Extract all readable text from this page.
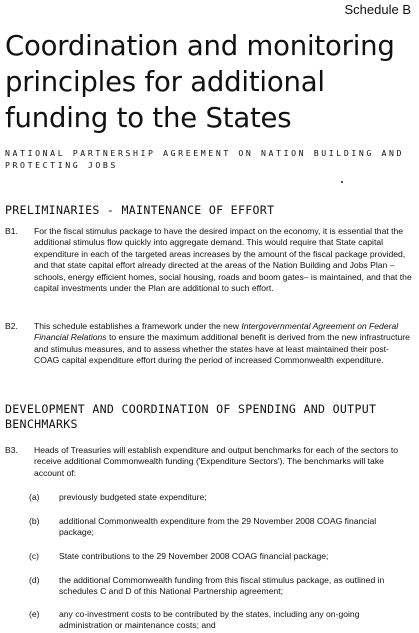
Schedule B
Coordination and monitoring principles for additional funding to the States
NATIONAL PARTNERSHIP AGREEMENT ON NATION BUILDING AND PROTECTING JOBS
PRELIMINARIES - MAINTENANCE OF EFFORT
B1. For the fiscal stimulus package to have the desired impact on the economy, it is essential that the additional stimulus flow quickly into aggregate demand. This would require that State capital expenditure in each of the targeted areas increases by the amount of the fiscal package provided, and that state capital effort already directed at the areas of the Nation Building and Jobs Plan – schools, energy efficient homes, social housing, roads and boom gates– is maintained, and that the capital investments under the Plan are additional to such effort.
B2. This schedule establishes a framework under the new Intergovernmental Agreement on Federal Financial Relations to ensure the maximum additional benefit is derived from the new infrastructure and stimulus measures, and to assess whether the states have at least maintained their post-COAG capital expenditure effort during the period of increased Commonwealth expenditure.
DEVELOPMENT AND COORDINATION OF SPENDING AND OUTPUT BENCHMARKS
B3. Heads of Treasuries will establish expenditure and output benchmarks for each of the sectors to receive additional Commonwealth funding ('Expenditure Sectors'). The benchmarks will take account of:
(a) previously budgeted state expenditure;
(b) additional Commonwealth expenditure from the 29 November 2008 COAG financial package;
(c) State contributions to the 29 November 2008 COAG financial package;
(d) the additional Commonwealth funding from this fiscal stimulus package, as outlined in schedules C and D of this National Partnership agreement;
(e) any co-investment costs to be contributed by the states, including any on-going administration or maintenance costs; and
